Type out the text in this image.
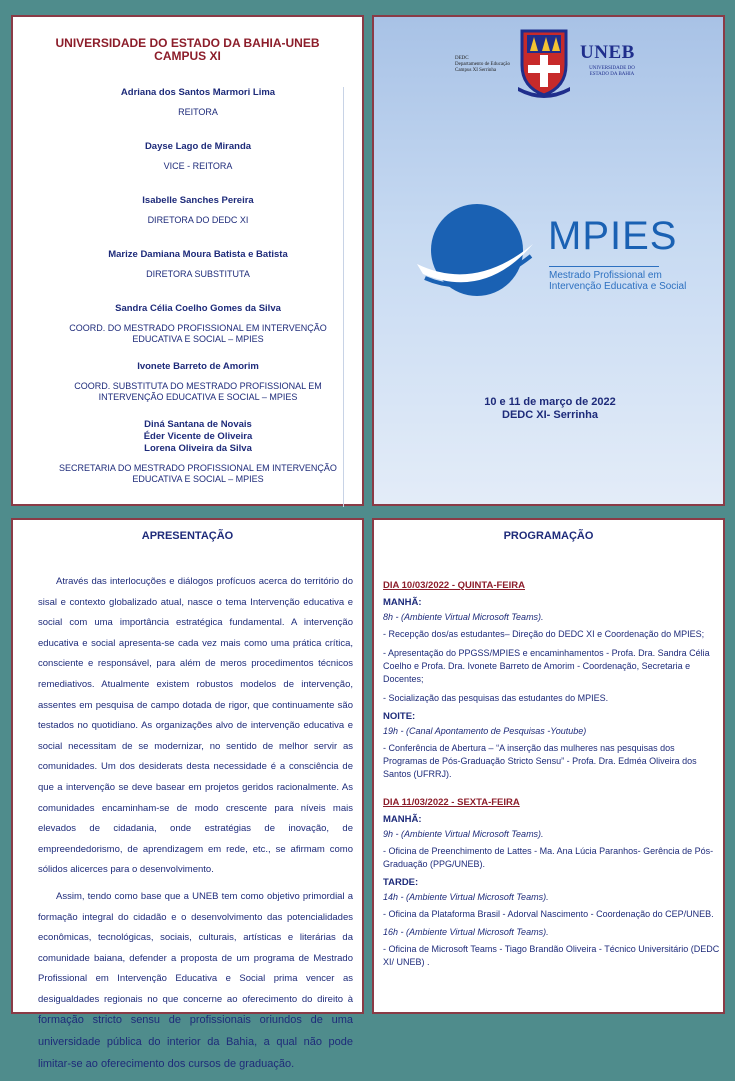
UNIVERSIDADE DO ESTADO DA BAHIA-UNEB
CAMPUS XI
Adriana dos Santos Marmori Lima
REITORA
Dayse Lago de Miranda
VICE - REITORA
Isabelle Sanches Pereira
DIRETORA DO DEDC XI
Marize Damiana Moura Batista e Batista
DIRETORA SUBSTITUTA
Sandra Célia Coelho Gomes da Silva
COORD. DO MESTRADO PROFISSIONAL EM INTERVENÇÃO EDUCATIVA E SOCIAL – MPIES
Ivonete Barreto de Amorim
COORD. SUBSTITUTA DO MESTRADO PROFISSIONAL EM INTERVENÇÃO EDUCATIVA E SOCIAL – MPIES
Diná Santana de Novais
Éder Vicente de Oliveira
Lorena Oliveira da Silva
SECRETARIA DO MESTRADO PROFISSIONAL EM INTERVENÇÃO EDUCATIVA E SOCIAL – MPIES
DEDC
Departamento de Educação
Campus XI Serrinha
UNEB
UNIVERSIDADE DO ESTADO DA BAHIA
MPIES
Mestrado Profissional em
Intervenção Educativa e Social
10 e 11 de março de 2022
DEDC XI- Serrinha
APRESENTAÇÃO

Através das interlocuções e diálogos profícuos acerca do território do sisal e contexto globalizado atual, nasce o tema Intervenção educativa e social com uma importância estratégica fundamental. A intervenção educativa e social apresenta-se cada vez mais como uma prática crítica, consciente e responsável, para além de meros procedimentos técnicos remediativos. Atualmente existem robustos modelos de intervenção, assentes em pesquisa de campo dotada de rigor, que continuamente são testados no quotidiano. As organizações alvo de intervenção educativa e social necessitam de se modernizar, no sentido de melhor servir as comunidades. Um dos desiderats desta necessidade é a consciência de que a intervenção se deve basear em projetos geridos racionalmente. As comunidades encaminham-se de modo crescente para níveis mais elevados de cidadania, onde estratégias de inovação, de empreendedorismo, de aprendizagem em rede, etc., se afirmam como sólidos alicerces para o desenvolvimento.

Assim, tendo como base que a UNEB tem como objetivo primordial a formação integral do cidadão e o desenvolvimento das potencialidades econômicas, tecnológicas, sociais, culturais, artísticas e literárias da comunidade baiana, defender a proposta de um programa de Mestrado Profissional em Intervenção Educativa e Social prima vencer as desigualdades regionais no que concerne ao oferecimento do direito à formação stricto sensu de profissionais oriundos de uma universidade pública do interior da Bahia, a qual não pode limitar-se ao oferecimento dos cursos de graduação.

PROGRAMAÇÃO
DIA 10/03/2022 - QUINTA-FEIRA
MANHÃ:
8h - (Ambiente Virtual Microsoft Teams).
- Recepção dos/as estudantes– Direção do DEDC XI e Coordenação do MPIES;
- Apresentação do PPGSS/MPIES e encaminhamentos - Profa. Dra. Sandra Célia Coelho e Profa. Dra. Ivonete Barreto de Amorim - Coordenação, Secretaria e Docentes;
- Socialização das pesquisas das estudantes do MPIES.
NOITE:
19h - (Canal Apontamento de Pesquisas -Youtube)
- Conferência de Abertura – “A inserção das mulheres nas pesquisas dos Programas de Pós-Graduação Stricto Sensu” - Profa. Dra. Edméa Oliveira dos Santos (UFRRJ).
DIA 11/03/2022 - SEXTA-FEIRA
MANHÃ:
9h - (Ambiente Virtual Microsoft Teams).
- Oficina de Preenchimento de Lattes - Ma. Ana Lúcia Paranhos- Gerência de Pós-Graduação (PPG/UNEB).
TARDE:
14h - (Ambiente Virtual Microsoft Teams).
- Oficina da Plataforma Brasil - Adorval Nascimento - Coordenação do CEP/UNEB.
16h - (Ambiente Virtual Microsoft Teams).
- Oficina de Microsoft Teams - Tiago Brandão Oliveira - Técnico Universitário (DEDC XI/ UNEB) .
